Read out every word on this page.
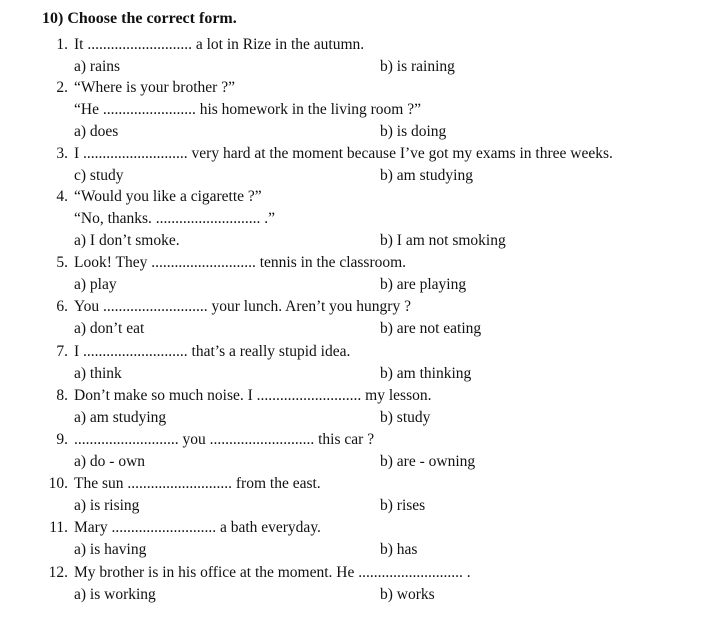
10) Choose the correct form.
1. It ........................... a lot in Rize in the autumn.
a) rains	b) is raining
2. “Where is your brother ?”
“He ........................ his homework in the living room ?”
a) does	b) is doing
3. I ........................... very hard at the moment because I’ve got my exams in three weeks.
c) study	b) am studying
4. “Would you like a cigarette ?”
“No, thanks. ........................... .”
a) I don’t smoke.	b) I am not smoking
5. Look! They ........................... tennis in the classroom.
a) play	b) are playing
6. You ........................... your lunch. Aren’t you hungry ?
a) don’t eat	b) are not eating
7. I ........................... that’s a really stupid idea.
a) think	b) am thinking
8. Don’t make so much noise. I ........................... my lesson.
a) am studying	b) study
9. ........................... you ........................... this car ?
a) do - own	b) are - owning
10. The sun ........................... from the east.
a) is rising	b) rises
11. Mary ........................... a bath everyday.
a) is having	b) has
12. My brother is in his office at the moment. He ........................... .
a) is working	b) works
